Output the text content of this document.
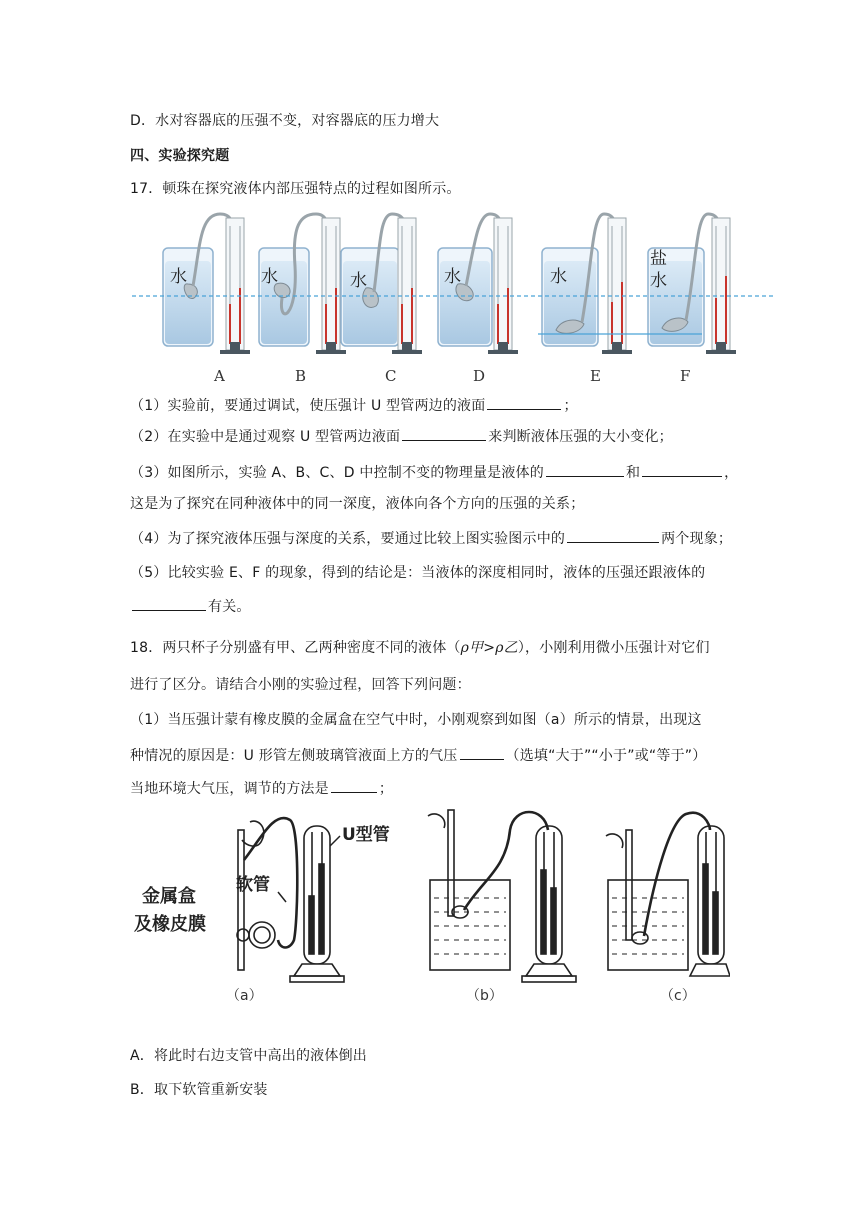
D．水对容器底的压强不变，对容器底的压力增大
四、实验探究题
17．顿珠在探究液体内部压强特点的过程如图所示。
水	水	水	水	水
盐
水
A	B	C	D	E	F
（1）实验前，要通过调试，使压强计 U 型管两边的液面	；
（2）在实验中是通过观察 U 型管两边液面	来判断液体压强的大小变化；
（3）如图所示，实验 A、B、C、D 中控制不变的物理量是液体的	和	，
这是为了探究在同种液体中的同一深度，液体向各个方向的压强的关系；
（4）为了探究液体压强与深度的关系，要通过比较上图实验图示中的	两个现象；
（5）比较实验 E、F 的现象，得到的结论是：当液体的深度相同时，液体的压强还跟液体的
有关。
18．两只杯子分别盛有甲、乙两种密度不同的液体（ρ甲>ρ乙），小刚利用微小压强计对它们
进行了区分。请结合小刚的实验过程，回答下列问题：
（1）当压强计蒙有橡皮膜的金属盒在空气中时，小刚观察到如图（a）所示的情景，出现这
种情况的原因是：U 形管左侧玻璃管液面上方的气压	（选填“大于”“小于”或“等于”）
当地环境大气压，调节的方法是	；
U型管
软管
金属盒
及橡皮膜
（a）	（b）	（c）
A．将此时右边支管中高出的液体倒出
B．取下软管重新安装
